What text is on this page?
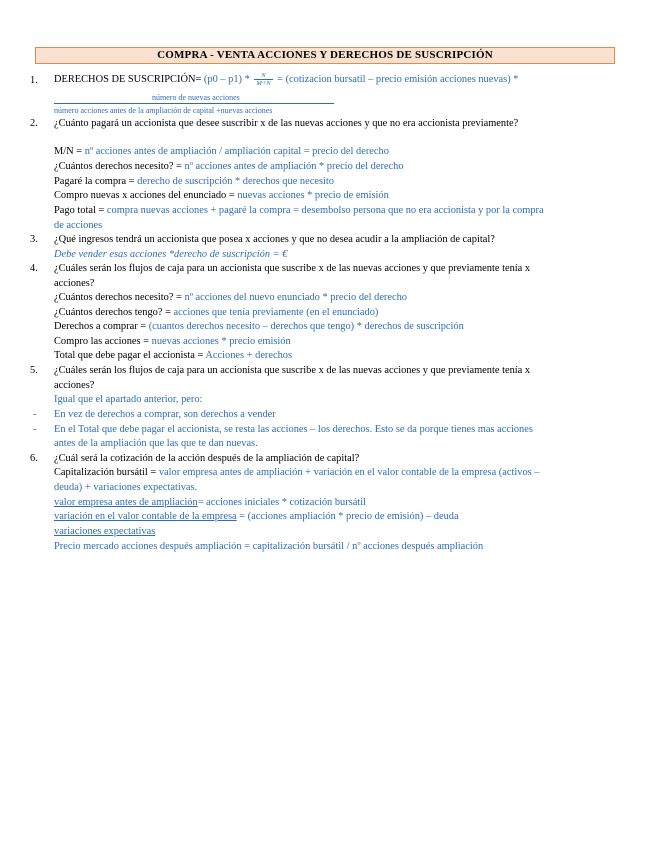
COMPRA - VENTA ACCIONES Y DERECHOS DE SUSCRIPCIÓN
1. DERECHOS DE SUSCRIPCIÓN= $(p0 - p1) * \frac{N}{M+N}$ = (cotizacion bursatil – precio emisión acciones nuevas) *
número de nuevas acciones
número acciones antes de la ampliación de capital +nuevas acciones
2. ¿Cuánto pagará un accionista que desee suscribir x de las nuevas acciones y que no era accionista previamente?
M/N = nº acciones antes de ampliación / ampliación capital = precio del derecho
¿Cuántos derechos necesito? = nº acciones antes de ampliación * precio del derecho
Pagaré la compra = derecho de suscripción * derechos que necesito
Compro nuevas x acciones del enunciado = nuevas acciones * precio de emisión
Pago total = compra nuevas acciones + pagaré la compra = desembolso persona que no era accionista y por la compra
de acciones
3. ¿Qué ingresos tendrá un accionista que posea x acciones y que no desea acudir a la ampliación de capital?
Debe vender esas acciones *derecho de suscripción = €
4. ¿Cuáles serán los flujos de caja para un accionista que suscribe x de las nuevas acciones y que previamente tenía x
acciones?
¿Cuántos derechos necesito? = nº acciones del nuevo enunciado * precio del derecho
¿Cuántos derechos tengo? = acciones que tenía previamente (en el enunciado)
Derechos a comprar = (cuantos derechos necesito – derechos que tengo) * derechos de suscripción
Compro las acciones = nuevas acciones * precio emisión
Total que debe pagar el accionista = Acciones + derechos
5. ¿Cuáles serán los flujos de caja para un accionista que suscribe x de las nuevas acciones y que previamente tenía x
acciones?
Igual que el apartado anterior, pero:
- En vez de derechos a comprar, son derechos a vender
- En el Total que debe pagar el accionista, se resta las acciones – los derechos. Esto se da porque tienes mas acciones
antes de la ampliación que las que te dan nuevas.
6. ¿Cuál será la cotización de la acción después de la ampliación de capital?
Capitalización bursátil = valor empresa antes de ampliación + variación en el valor contable de la empresa (activos –
deuda) + variaciones expectativas.
valor empresa antes de ampliación= acciones iniciales * cotización bursátil
variación en el valor contable de la empresa = (acciones ampliación * precio de emisión) – deuda
variaciones expectativas
Precio mercado acciones después ampliación = capitalización bursátil / nº acciones después ampliación
